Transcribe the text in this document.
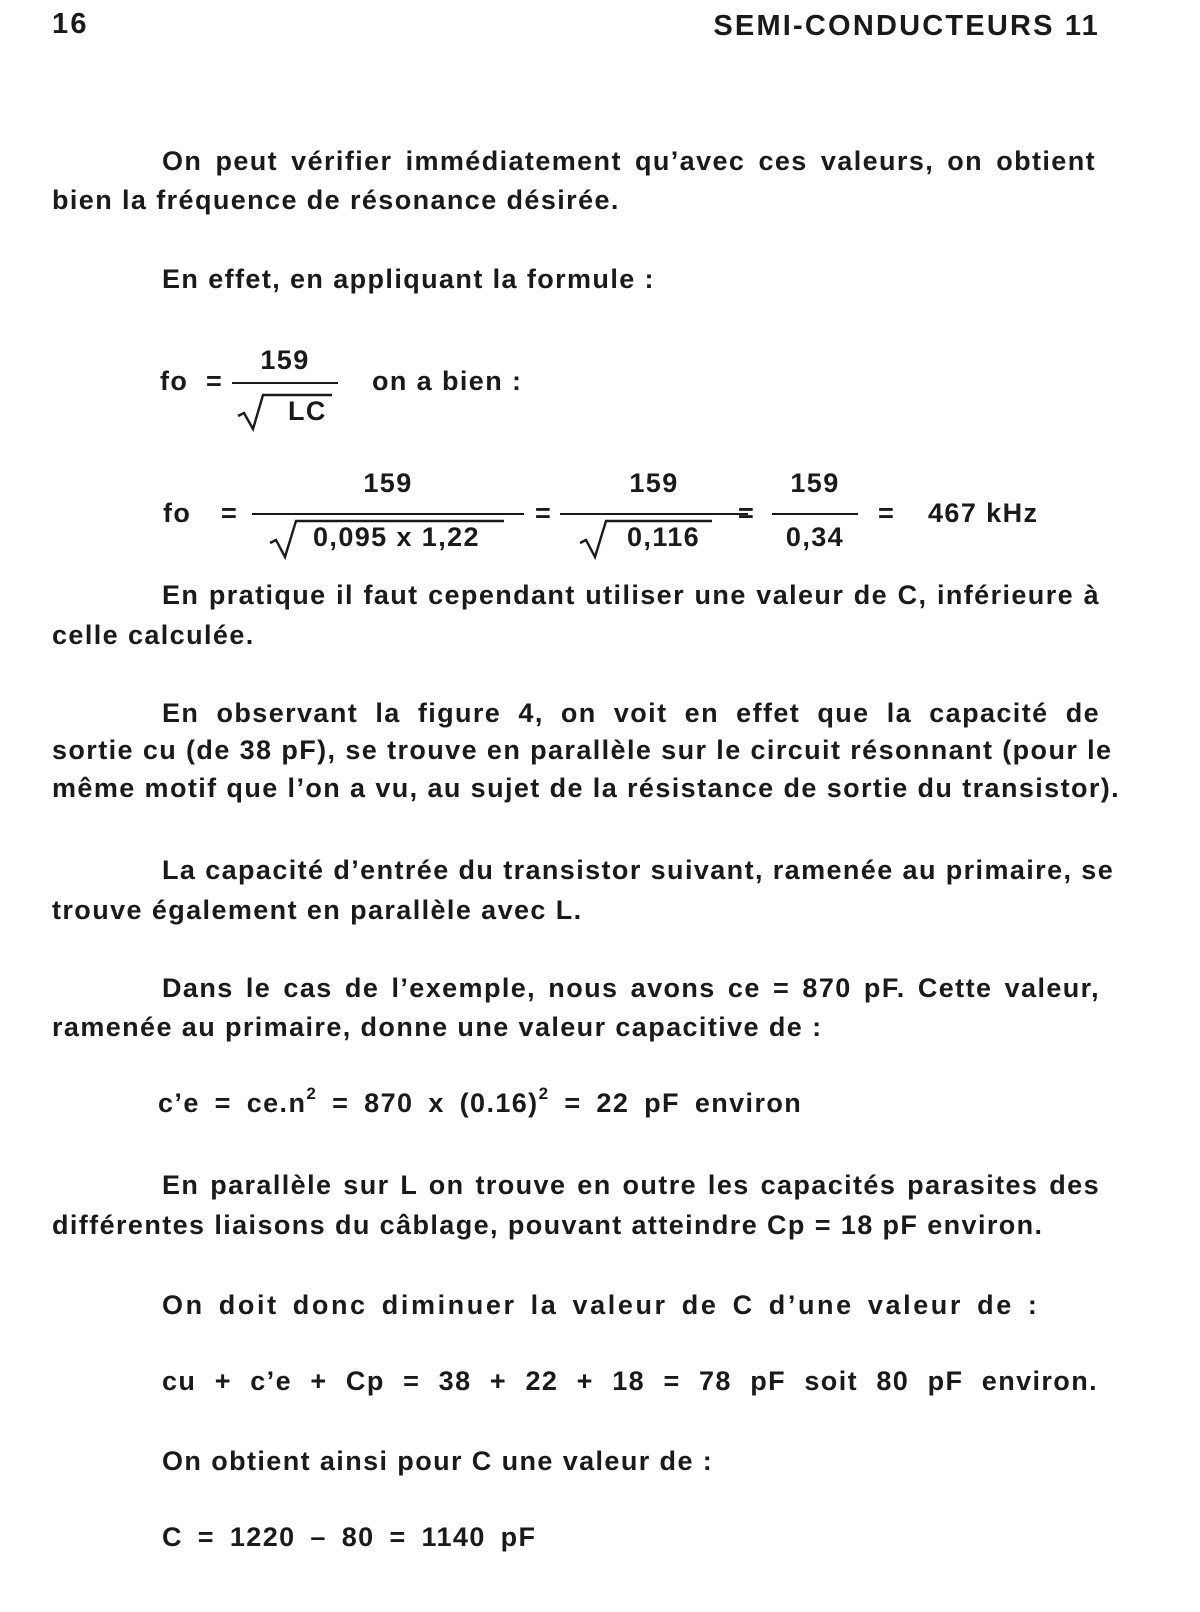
16	SEMI-CONDUCTEURS 11
On peut vérifier immédiatement qu’avec ces valeurs, on obtient
bien la fréquence de résonance désirée.
En effet, en appliquant la formule :
fo =
159
LC
on a bien :
fo =
159
0,095 x 1,22
=
159
0,116
=
159
0,34
= 467 kHz
En pratique il faut cependant utiliser une valeur de C, inférieure à
celle calculée.
En observant la figure 4, on voit en effet que la capacité de
sortie cu (de 38 pF), se trouve en parallèle sur le circuit résonnant (pour le
même motif que l’on a vu, au sujet de la résistance de sortie du transistor).
La capacité d’entrée du transistor suivant, ramenée au primaire, se
trouve également en parallèle avec L.
Dans le cas de l’exemple, nous avons ce = 870 pF. Cette valeur,
ramenée au primaire, donne une valeur capacitive de :
c’e = $ce.n^2 = 870$ x $(0.16)^2 = 22$ pF environ
En parallèle sur L on trouve en outre les capacités parasites des
différentes liaisons du câblage, pouvant atteindre Cp = 18 pF environ.
On doit donc diminuer la valeur de C d’une valeur de :
cu + c’e + Cp = 38 + 22 + 18 = 78 pF soit 80 pF environ.
On obtient ainsi pour C une valeur de :
C = 1220 – 80 = 1140 pF
